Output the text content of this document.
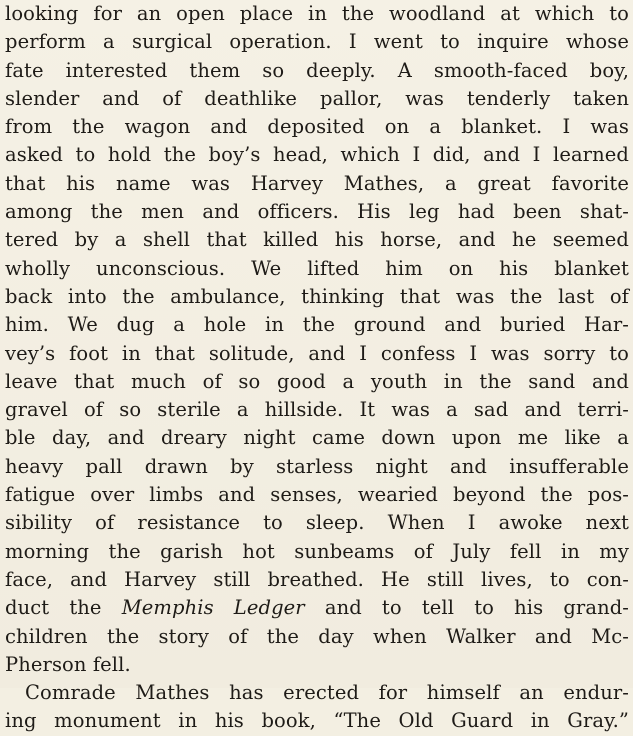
looking for an open place in the woodland at which to
perform a surgical operation. I went to inquire whose
fate interested them so deeply. A smooth-faced boy,
slender and of deathlike pallor, was tenderly taken
from the wagon and deposited on a blanket. I was
asked to hold the boy’s head, which I did, and I learned
that his name was Harvey Mathes, a great favorite
among the men and officers. His leg had been shat-
tered by a shell that killed his horse, and he seemed
wholly unconscious. We lifted him on his blanket
back into the ambulance, thinking that was the last of
him. We dug a hole in the ground and buried Har-
vey’s foot in that solitude, and I confess I was sorry to
leave that much of so good a youth in the sand and
gravel of so sterile a hillside. It was a sad and terri-
ble day, and dreary night came down upon me like a
heavy pall drawn by starless night and insufferable
fatigue over limbs and senses, wearied beyond the pos-
sibility of resistance to sleep. When I awoke next
morning the garish hot sunbeams of July fell in my
face, and Harvey still breathed. He still lives, to con-
duct the Memphis Ledger and to tell to his grand-
children the story of the day when Walker and Mc-
Pherson fell.
Comrade Mathes has erected for himself an endur-
ing monument in his book, “The Old Guard in Gray.”
